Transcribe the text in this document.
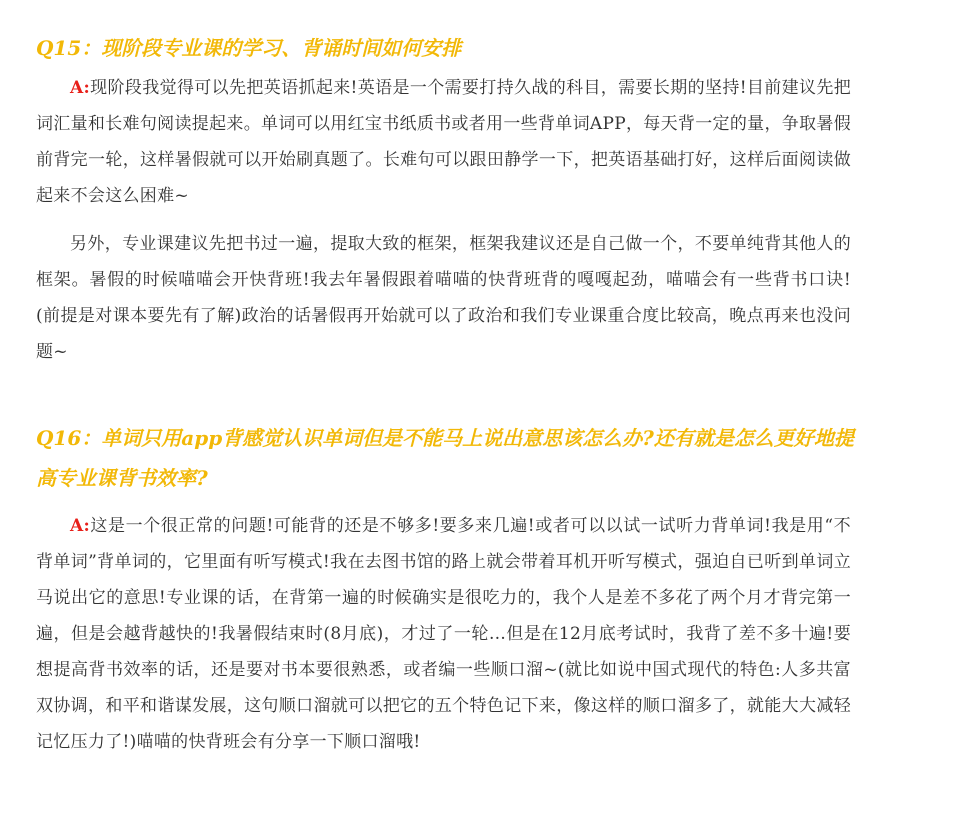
Q15：现阶段专业课的学习、背诵时间如何安排

A:现阶段我觉得可以先把英语抓起来!英语是一个需要打持久战的科目，需要长期的坚持!目前建议先把词汇量和长难句阅读提起来。单词可以用红宝书纸质书或者用一些背单词APP，每天背一定的量，争取暑假前背完一轮，这样暑假就可以开始刷真题了。长难句可以跟田静学一下，把英语基础打好，这样后面阅读做起来不会这么困难~

另外，专业课建议先把书过一遍，提取大致的框架，框架我建议还是自己做一个，不要单纯背其他人的框架。暑假的时候喵喵会开快背班!我去年暑假跟着喵喵的快背班背的嘎嘎起劲，喵喵会有一些背书口诀!(前提是对课本要先有了解)政治的话暑假再开始就可以了政治和我们专业课重合度比较高，晚点再来也没问题~

Q16：单词只用app背感觉认识单词但是不能马上说出意思该怎么办?还有就是怎么更好地提高专业课背书效率?

A:这是一个很正常的问题!可能背的还是不够多!要多来几遍!或者可以以试一试听力背单词!我是用“不背单词”背单词的，它里面有听写模式!我在去图书馆的路上就会带着耳机开听写模式，强迫自已听到单词立马说出它的意思!专业课的话，在背第一遍的时候确实是很吃力的，我个人是差不多花了两个月才背完第一遍，但是会越背越快的!我暑假结束时(8月底)，才过了一轮…但是在12月底考试时，我背了差不多十遍!要想提高背书效率的话，还是要对书本要很熟悉，或者编一些顺口溜~(就比如说中国式现代的特色:人多共富双协调，和平和谐谋发展，这句顺口溜就可以把它的五个特色记下来，像这样的顺口溜多了，就能大大减轻记忆压力了!)喵喵的快背班会有分享一下顺口溜哦!
